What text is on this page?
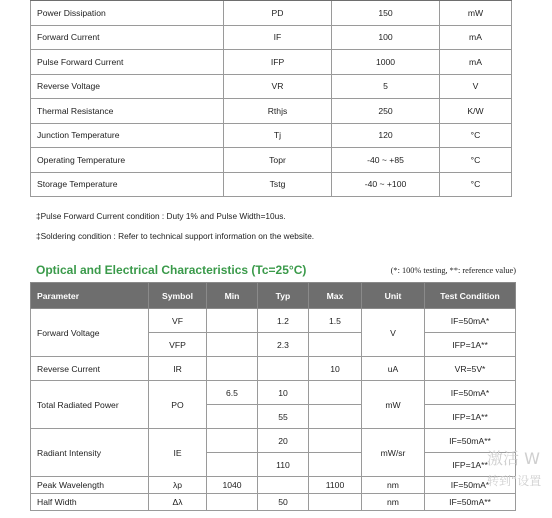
Power Dissipation	PD	150	mW
Forward Current	IF	100	mA
Pulse Forward Current	IFP	1000	mA
Reverse Voltage	VR	5	V
Thermal Resistance	Rthjs	250	K/W
Junction Temperature	Tj	120	°C
Operating Temperature	Topr	-40 ~ +85	°C
Storage Temperature	Tstg	-40 ~ +100	°C
‡Pulse Forward Current condition : Duty 1% and Pulse Width=10us.
‡Soldering condition : Refer to technical support information on the website.
Optical and Electrical Characteristics (Tc=25°C)	(*: 100% testing, **: reference value)
Parameter	Symbol	Min	Typ	Max	Unit	Test Condition
Forward Voltage	VF		1.2	1.5	V	IF=50mA*
	VFP		2.3			IFP=1A**
Reverse Current	IR			10	uA	VR=5V*
Total Radiated Power	PO	6.5	10		mW	IF=50mA*
			55			IFP=1A**
Radiant Intensity	IE		20		mW/sr	IF=50mA**
			110			IFP=1A**
Peak Wavelength	λp	1040		1100	nm	IF=50mA*
Half Width	Δλ		50		nm	IF=50mA**
激活 W
转到“设置
